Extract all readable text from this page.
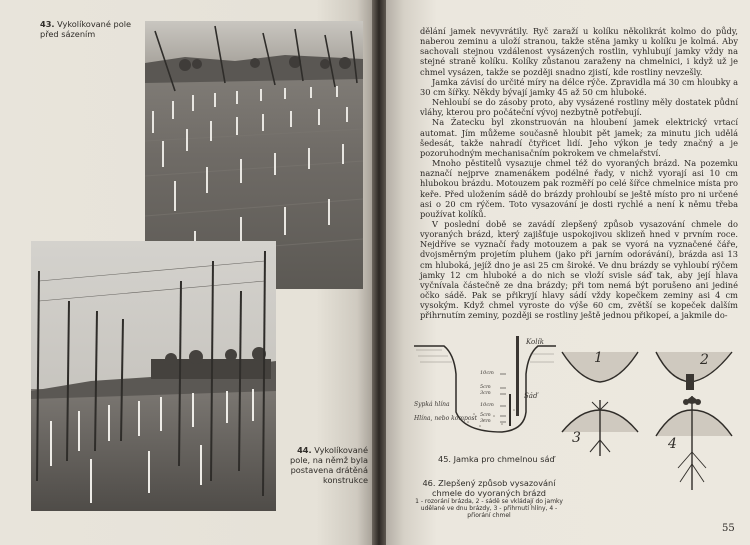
43. Vykolíkované pole před sázením
44. Vykolíkované pole, na němž byla postavena drátěná konstrukce

dělání jamek nevyvrátily. Ryč zaraží u kolíku několikrát kolmo do půdy, naberou zeminu a uloží stranou, takže stěna jamky u kolíku je kolmá. Aby sachovali stejnou vzdálenost vysázených rostlin, vyhlubují jamky vždy na stejné straně kolíku. Kolíky zůstanou zaraženy na chmelnici, i když už je chmel vysázen, takže se později snadno zjistí, kde rostliny nevzešly.

Jamka závisí do určité míry na délce rýče. Zpravidla má 30 cm hloubky a 30 cm šířky. Někdy bývají jamky 45 až 50 cm hluboké.

Nehloubí se do zásoby proto, aby vysázené rostliny měly dostatek půdní vláhy, kterou pro počáteční vývoj nezbytně potřebují.

Na Žatecku byl zkonstruován na hloubení jamek elektrický vrtací automat. Jím můžeme současně hloubit pět jamek; za minutu jich udělá šedesát, takže nahradí čtyřicet lidí. Jeho výkon je tedy značný a je pozoruhodným mechanisačním pokrokem ve chmelařství.

Mnoho pěstitelů vysazuje chmel též do vyoraných brázd. Na pozemku naznačí nejprve znamenákem podélné řady, v nichž vyorají asi 10 cm hlubokou brázdu. Motouzem pak rozměří po celé šířce chmelnice místa pro keře. Před uložením sádě do brázdy prohloubí se ještě místo pro ni určené asi o 20 cm rýčem. Toto vysazování je dosti rychlé a není k němu třeba používat kolíků.

V poslední době se zavádí zlepšený způsob vysazování chmele do vyoraných brázd, který zajišťuje uspokojivou sklizeň hned v prvním roce. Nejdříve se vyznačí řady motouzem a pak se vyorá na vyznačené čáře, dvojsměrným projetím pluhem (jako při jarním odorávání), brázda asi 13 cm hluboká, jejíž dno je asi 25 cm široké. Ve dnu brázdy se vyhloubí rýčem jamky 12 cm hluboké a do nich se vloží svisle sáď tak, aby její hlava vyčnívala částečně ze dna brázdy; při tom nemá být porušeno ani jediné očko sádě. Pak se přikryjí hlavy sádí vždy kopečkem zeminy asi 4 cm vysokým. Když chmel vyroste do výše 60 cm, zvětší se kopeček dalším přihrnutím zeminy, později se rostliny ještě jednou přikopeí, a jakmile do-

Kolík
Sáď
10cm
5cm
3cm
10cm
5cm
3cm
Sypká hlína
Hlína, nebo kompost
45. Jamka pro chmelnou sáď
46. Zlepšený způsob vysazování chmele do vyoraných brázd
1 - rozorání brázda, 2 - sádě se vkládají do jamky udělané ve dnu brázdy, 3 - přihrnutí hlíny, 4 - přiorání chmel
1	2
3	4
55
